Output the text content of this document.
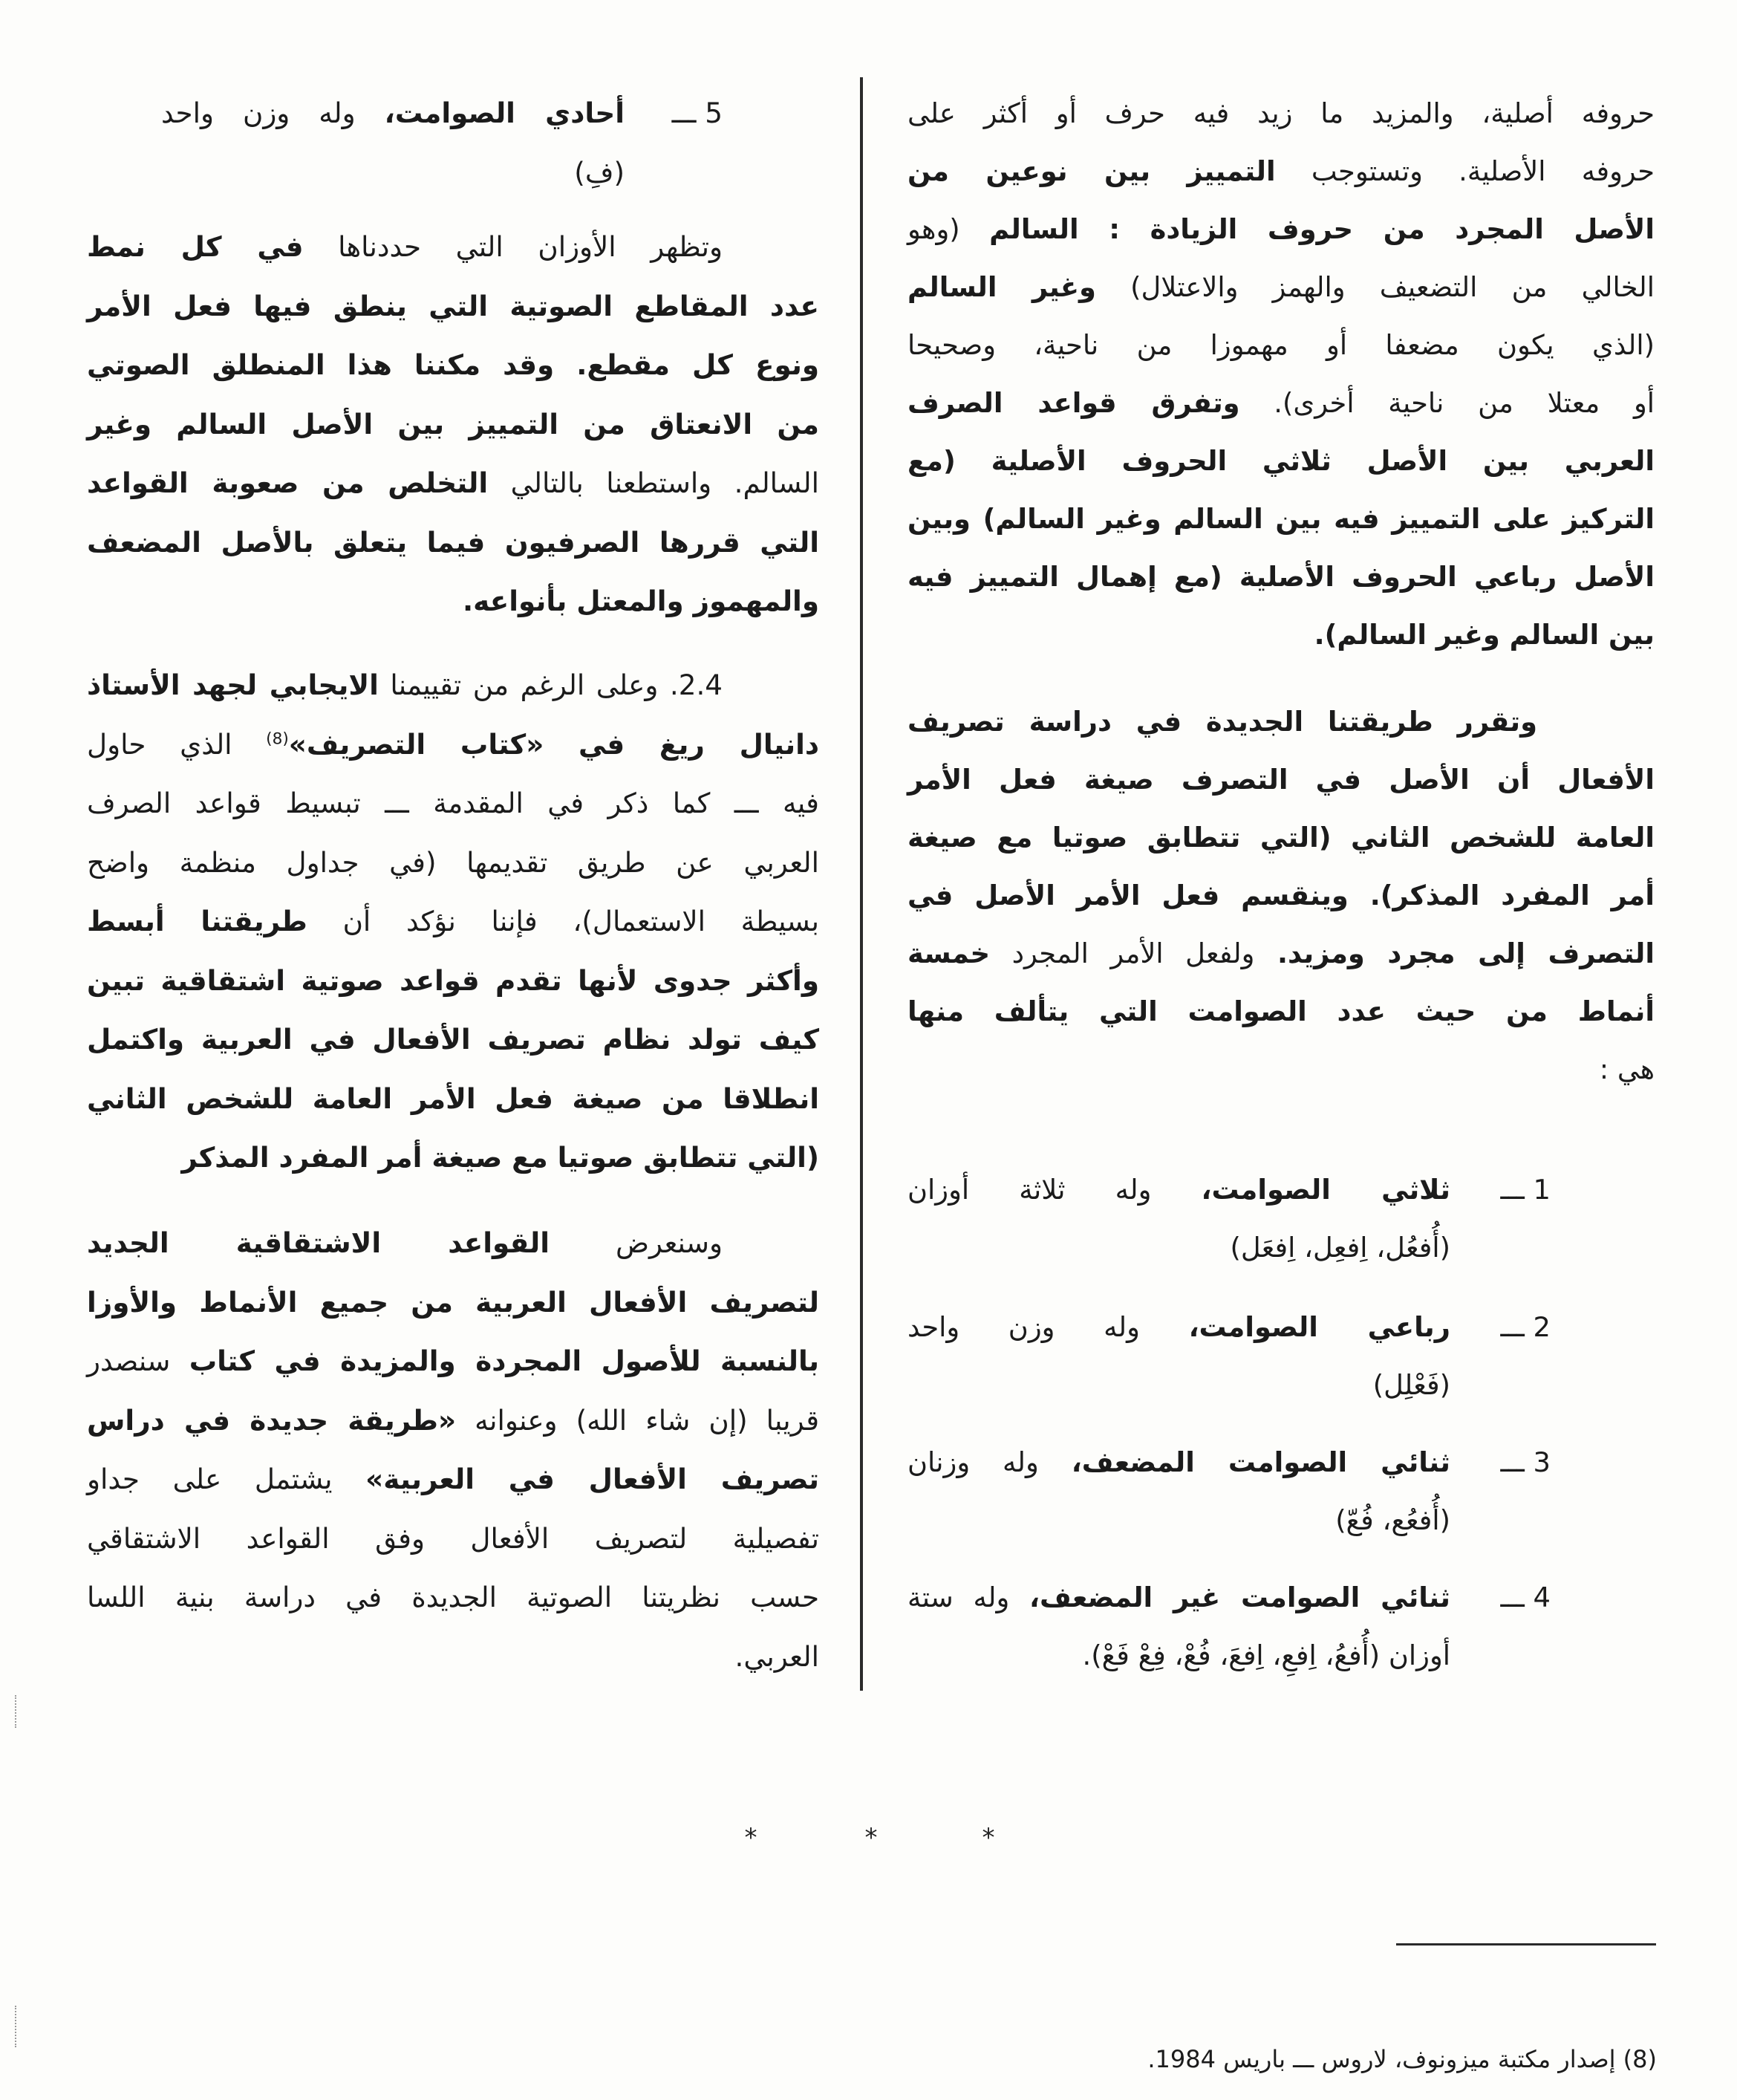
حروفه أصلية، والمزيد ما زيد فيه حرف أو أكثر على
حروفه الأصلية. وتستوجب التمييز بين نوعين من
الأصل المجرد من حروف الزيادة : السالم (وهو
الخالي من التضعيف والهمز والاعتلال) وغير السالم
(الذي يكون مضعفا أو مهموزا من ناحية، وصحيحا
أو معتلا من ناحية أخرى). وتفرق قواعد الصرف
العربي بين الأصل ثلاثي الحروف الأصلية (مع
التركيز على التمييز فيه بين السالم وغير السالم) وبين
الأصل رباعي الحروف الأصلية (مع إهمال التمييز فيه
بين السالم وغير السالم).
وتقرر طريقتنا الجديدة في دراسة تصريف
الأفعال أن الأصل في التصرف صيغة فعل الأمر
العامة للشخص الثاني (التي تتطابق صوتيا مع صيغة
أمر المفرد المذكر). وينقسم فعل الأمر الأصل في
التصرف إلى مجرد ومزيد. ولفعل الأمر المجرد خمسة
أنماط من حيث عدد الصوامت التي يتألف منها
هي :
1 ـــ
ثلاثي الصوامت، وله ثلاثة أوزان
(أُفعُل، اِفعِل، اِفعَل)
2 ـــ
رباعي الصوامت، وله وزن واحد
(فَعْلِل)
3 ـــ
ثنائي الصوامت المضعف، وله وزنان
(أُفعُع، فُعّ)
4 ـــ
ثنائي الصوامت غير المضعف، وله ستة
أوزان (أُفعُ، اِفعِ، اِفعَ، فُعْ، فِعْ فَعْ).
5 ـــ
أحادي الصوامت، وله وزن واحد
(فِ)
وتظهر الأوزان التي حددناها في كل نمط
عدد المقاطع الصوتية التي ينطق فيها فعل الأمر
ونوع كل مقطع. وقد مكننا هذا المنطلق الصوتي
من الانعتاق من التمييز بين الأصل السالم وغير
السالم. واستطعنا بالتالي التخلص من صعوبة القواعد
التي قررها الصرفيون فيما يتعلق بالأصل المضعف
والمهموز والمعتل بأنواعه.
2.4. وعلى الرغم من تقييمنا الايجابي لجهد الأستاذ
دانيال ريغ في «كتاب التصريف»$^{(8)}$ الذي حاول
فيه ـــ كما ذكر في المقدمة ـــ تبسيط قواعد الصرف
العربي عن طريق تقديمها (في جداول منظمة واضح
بسيطة الاستعمال)، فإننا نؤكد أن طريقتنا أبسط
وأكثر جدوى لأنها تقدم قواعد صوتية اشتقاقية تبين
كيف تولد نظام تصريف الأفعال في العربية واكتمل
انطلاقا من صيغة فعل الأمر العامة للشخص الثاني
(التي تتطابق صوتيا مع صيغة أمر المفرد المذكر
وسنعرض القواعد الاشتقاقية الجديد
لتصريف الأفعال العربية من جميع الأنماط والأوزا
بالنسبة للأصول المجردة والمزيدة في كتاب سنصدر
قريبا (إن شاء الله) وعنوانه «طريقة جديدة في دراس
تصريف الأفعال في العربية» يشتمل على جداو
تفصيلية لتصريف الأفعال وفق القواعد الاشتقاقي
حسب نظريتنا الصوتية الجديدة في دراسة بنية اللسا
العربي.
*	*	*
(8) إصدار مكتبة ميزونوف، لاروس ـــ باريس 1984.
